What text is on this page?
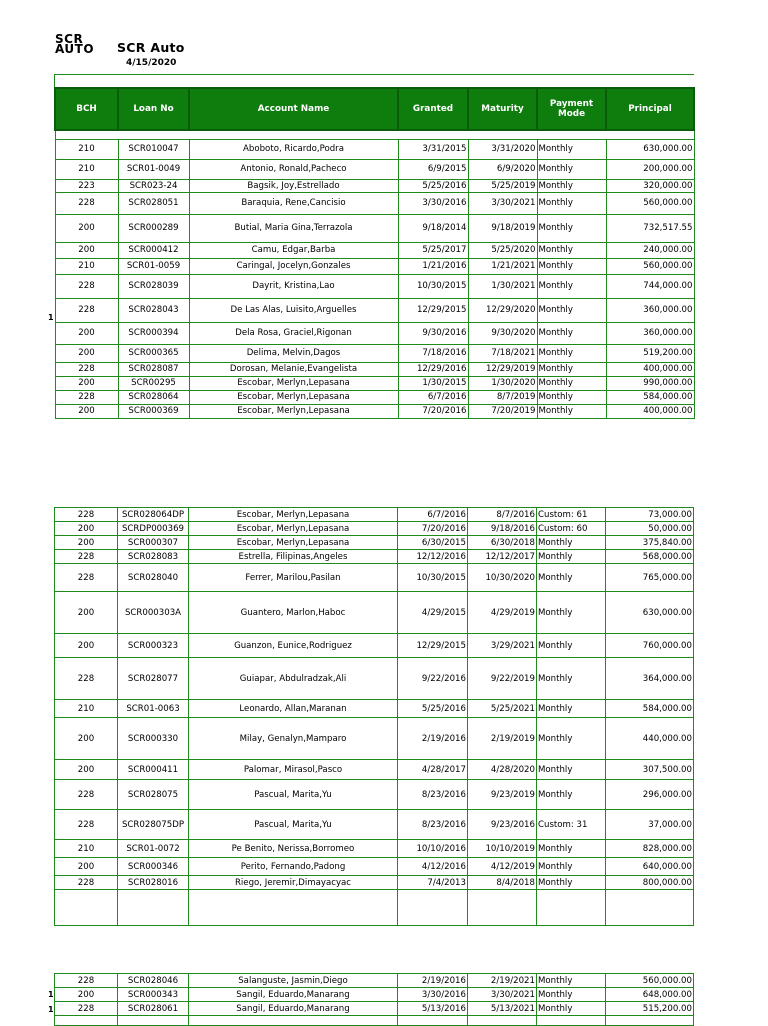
SCR
AUTO SCR Auto
4/15/2020
BCH	Loan No	Account Name	Granted	Maturity	Payment Mode	Principal

210	SCR010047	Aboboto, Ricardo,Podra	3/31/2015	3/31/2020	Monthly	630,000.00
210	SCR01-0049	Antonio, Ronald,Pacheco	6/9/2015	6/9/2020	Monthly	200,000.00
223	SCR023-24	Bagsik, Joy,Estrellado	5/25/2016	5/25/2019	Monthly	320,000.00
228	SCR028051	Baraquia, Rene,Cancisio	3/30/2016	3/30/2021	Monthly	560,000.00
200	SCR000289	Butial, Maria Gina,Terrazola	9/18/2014	9/18/2019	Monthly	732,517.55
200	SCR000412	Camu, Edgar,Barba	5/25/2017	5/25/2020	Monthly	240,000.00
210	SCR01-0059	Caringal, Jocelyn,Gonzales	1/21/2016	1/21/2021	Monthly	560,000.00
228	SCR028039	Dayrit, Kristina,Lao	10/30/2015	1/30/2021	Monthly	744,000.00
228	SCR028043	De Las Alas, Luisito,Arguelles	12/29/2015	12/29/2020	Monthly	360,000.00
200	SCR000394	Dela Rosa, Graciel,Rigonan	9/30/2016	9/30/2020	Monthly	360,000.00
200	SCR000365	Delima, Melvin,Dagos	7/18/2016	7/18/2021	Monthly	519,200.00
228	SCR028087	Dorosan, Melanie,Evangelista	12/29/2016	12/29/2019	Monthly	400,000.00
200	SCR00295	Escobar, Merlyn,Lepasana	1/30/2015	1/30/2020	Monthly	990,000.00
228	SCR028064	Escobar, Merlyn,Lepasana	6/7/2016	8/7/2019	Monthly	584,000.00
200	SCR000369	Escobar, Merlyn,Lepasana	7/20/2016	7/20/2019	Monthly	400,000.00
228	SCR028064DP	Escobar, Merlyn,Lepasana	6/7/2016	8/7/2016	Custom: 61	73,000.00
200	SCRDP000369	Escobar, Merlyn,Lepasana	7/20/2016	9/18/2016	Custom: 60	50,000.00
200	SCR000307	Escobar, Merlyn,Lepasana	6/30/2015	6/30/2018	Monthly	375,840.00
228	SCR028083	Estrella, Filipinas,Angeles	12/12/2016	12/12/2017	Monthly	568,000.00
228	SCR028040	Ferrer, Marilou,Pasilan	10/30/2015	10/30/2020	Monthly	765,000.00
200	SCR000303A	Guantero, Marlon,Haboc	4/29/2015	4/29/2019	Monthly	630,000.00
200	SCR000323	Guanzon, Eunice,Rodriguez	12/29/2015	3/29/2021	Monthly	760,000.00
228	SCR028077	Guiapar, Abdulradzak,Ali	9/22/2016	9/22/2019	Monthly	364,000.00
210	SCR01-0063	Leonardo, Allan,Maranan	5/25/2016	5/25/2021	Monthly	584,000.00
200	SCR000330	Milay, Genalyn,Mamparo	2/19/2016	2/19/2019	Monthly	440,000.00
200	SCR000411	Palomar, Mirasol,Pasco	4/28/2017	4/28/2020	Monthly	307,500.00
228	SCR028075	Pascual, Marita,Yu	8/23/2016	9/23/2019	Monthly	296,000.00
228	SCR028075DP	Pascual, Marita,Yu	8/23/2016	9/23/2016	Custom: 31	37,000.00
210	SCR01-0072	Pe Benito, Nerissa,Borromeo	10/10/2016	10/10/2019	Monthly	828,000.00
200	SCR000346	Perito, Fernando,Padong	4/12/2016	4/12/2019	Monthly	640,000.00
228	SCR028016	Riego, Jeremir,Dimayacyac	7/4/2013	8/4/2018	Monthly	800,000.00

228	SCR028046	Salanguste, Jasmin,Diego	2/19/2016	2/19/2021	Monthly	560,000.00
200	SCR000343	Sangil, Eduardo,Manarang	3/30/2016	3/30/2021	Monthly	648,000.00
228	SCR028061	Sangil, Eduardo,Manarang	5/13/2016	5/13/2021	Monthly	515,200.00

1
1
1
